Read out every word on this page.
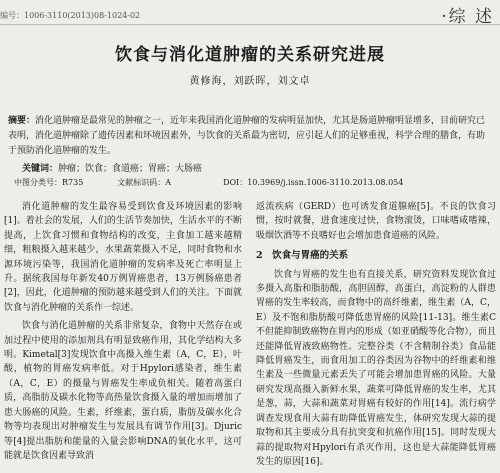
编号：1006-3110(2013)08-1024-02	·综 述
饮食与消化道肿瘤的关系研究进展
黄修海，刘跃晖，刘文卓
摘要：消化道肿瘤是最常见的肿瘤之一，近年来我国消化道肿瘤的发病明显加快，尤其是肠道肿瘤明显增多，目前研究已表明，消化道肿瘤除了遗传因素和环境因素外，与饮食的关系最为密切，应引起人们的足够重视，科学合理的膳食，有助于预防消化道肿瘤的发生。
关键词：肿瘤；饮食；食道癌；胃癌；大肠癌
中图分类号：R735	文献标识码：A	DOI：10.3969/j.issn.1006-3110.2013.08.054

消化道肿瘤的发生最容易受到饮食及环境因素的影响[1]。着社会的发展，人们的生活节奏加快，生活水平的不断提高，上饮食习惯和食物结构的改变，主食加工越来越精细，粗粮摄入越来越少，水果蔬菜摄入不足，同时食物和水源环境污染等，我国消化道肿瘤的发病率及死亡率明显上升。据统我国每年新发40万例胃癌患者，13万例肠癌患者[2]，因此，化道肿瘤的预防越来越受到人们的关注。下面就饮食与消化肿瘤的关系作一综述。

饮食与消化道肿瘤的关系非常复杂，食物中天然存在或加过程中使用的添加剂具有明显致癌作用，其化学结构大多明。Kimetal[3]发现饮食中高摄入维生素（A，C，E），叶酸，植物的胃癌发病率低。对于Hpylori感染者，维生素（A，C，E）的摄量与胃癌发生率成负相关。随着高蛋白质，高脂肪及碳水化物等高热量饮食摄入量的增加而增加了患大肠癌的风险。生素，纤维素，蛋白质，脂肪及碳水化合物等均表现出对肿瘤发生与发展具有调节作用[3]。Djuric等[4]提出脂肪和能量的入量会影响DNA的氧化水平，这可能就是饮食因素导致消

返流疾病（GERD）也可诱发食道腺癌[5]。不良的饮食习惯，按时就餐，进食速度过快，食物滚烫，口味嗜咸嗜辣，吸烟饮酒等不良嗜好也会增加患食道癌的风险。

2　饮食与胃癌的关系

饮食与胃癌的发生也有直接关系，研究资料发现饮食过多摄入高脂和脂肪酸，高胆固醇，高蛋白，高淀粉的人群患胃癌的发生率较高，而食物中的高纤维素，维生素（A，C，E）及不饱和脂肪酸可降低患胃癌的风险[11-13]。维生素C不但能抑制致癌物在胃内的形成（如亚硝酸等化合物），而且还能降低胃液致癌物性。完整谷类（不含精制谷类）食品能降低胃癌发生，而食用加工的谷类因为谷物中的纤维素和维生素及一些微量元素丢失了可能会增加患胃癌的风险。大量研究发现高摄入新鲜水果，蔬菜可降低胃癌的发生率，尤其是葱，蒜，大蒜和蔬菜对胃癌有较好的作用[14]。流行病学调查发现食用大蒜有助降低胃癌发生，体研究发现大蒜的提取物和其主要成分具有抗突变和抗癌作用[15]。同时发现大蒜的提取物对Hpylori有杀灭作用，这也是大蒜能降低胃癌发生的原因[16]。
